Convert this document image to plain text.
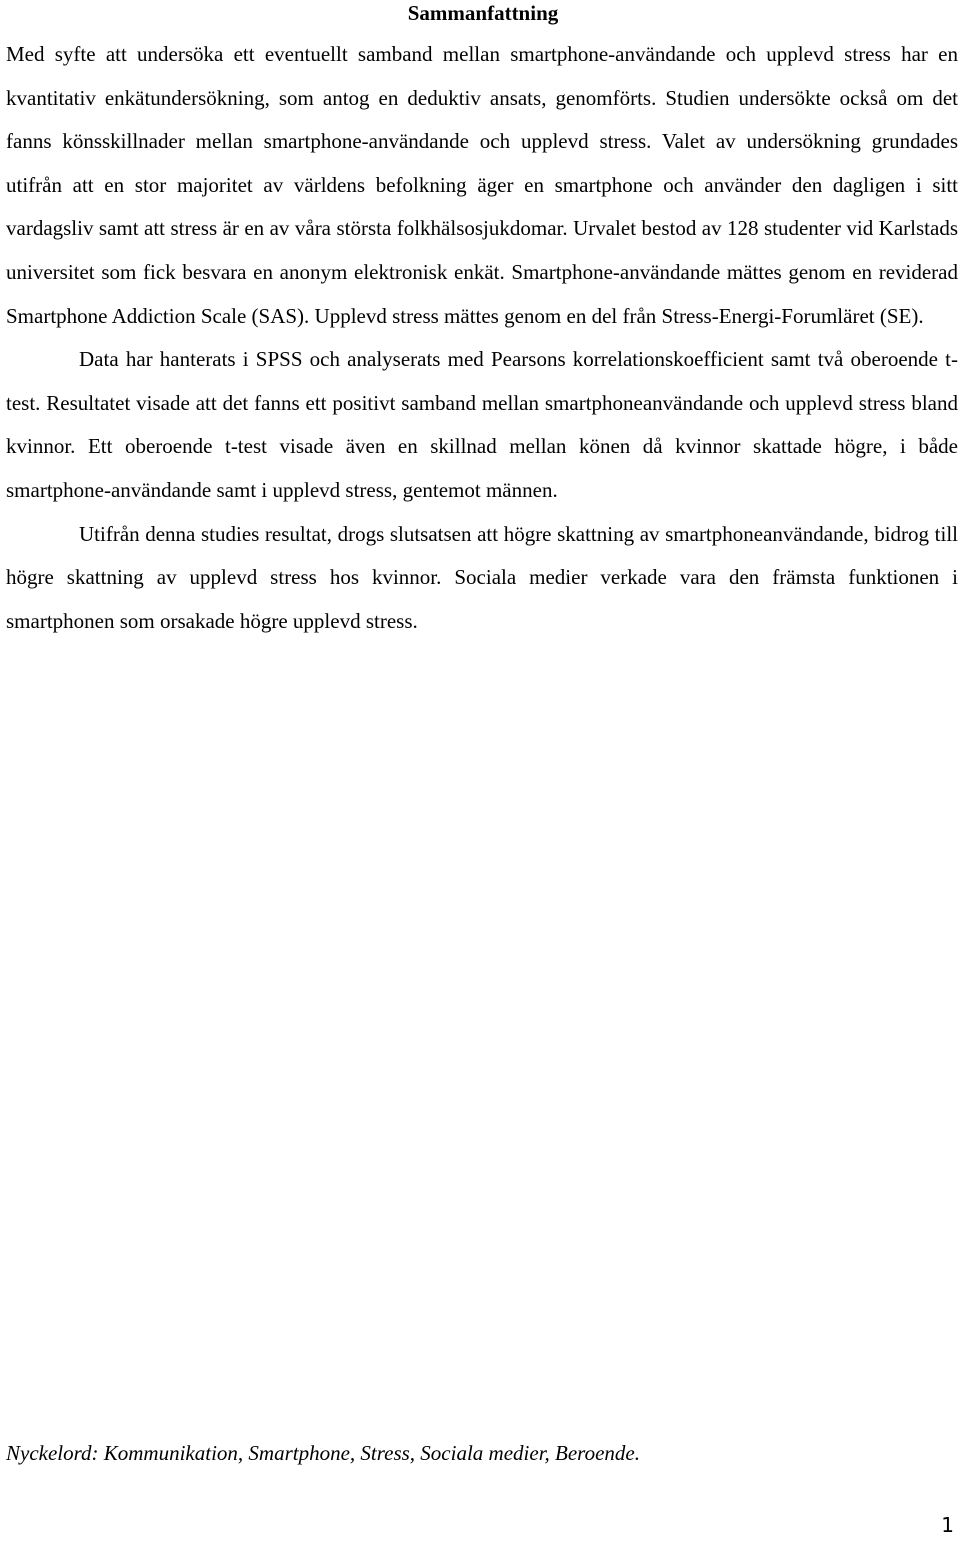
Sammanfattning

Med syfte att undersöka ett eventuellt samband mellan smartphone-användande och upplevd stress har en kvantitativ enkätundersökning, som antog en deduktiv ansats, genomförts. Studien undersökte också om det fanns könsskillnader mellan smartphone-användande och upplevd stress. Valet av undersökning grundades utifrån att en stor majoritet av världens befolkning äger en smartphone och använder den dagligen i sitt vardagsliv samt att stress är en av våra största folkhälsosjukdomar. Urvalet bestod av 128 studenter vid Karlstads universitet som fick besvara en anonym elektronisk enkät. Smartphone-användande mättes genom en reviderad Smartphone Addiction Scale (SAS). Upplevd stress mättes genom en del från Stress-Energi-Forumläret (SE).

Data har hanterats i SPSS och analyserats med Pearsons korrelationskoefficient samt två oberoende t-test. Resultatet visade att det fanns ett positivt samband mellan smartphoneanvändande och upplevd stress bland kvinnor. Ett oberoende t-test visade även en skillnad mellan könen då kvinnor skattade högre, i både smartphone-användande samt i upplevd stress, gentemot männen.

Utifrån denna studies resultat, drogs slutsatsen att högre skattning av smartphoneanvändande, bidrog till högre skattning av upplevd stress hos kvinnor. Sociala medier verkade vara den främsta funktionen i smartphonen som orsakade högre upplevd stress.

Nyckelord: Kommunikation, Smartphone, Stress, Sociala medier, Beroende.
1
